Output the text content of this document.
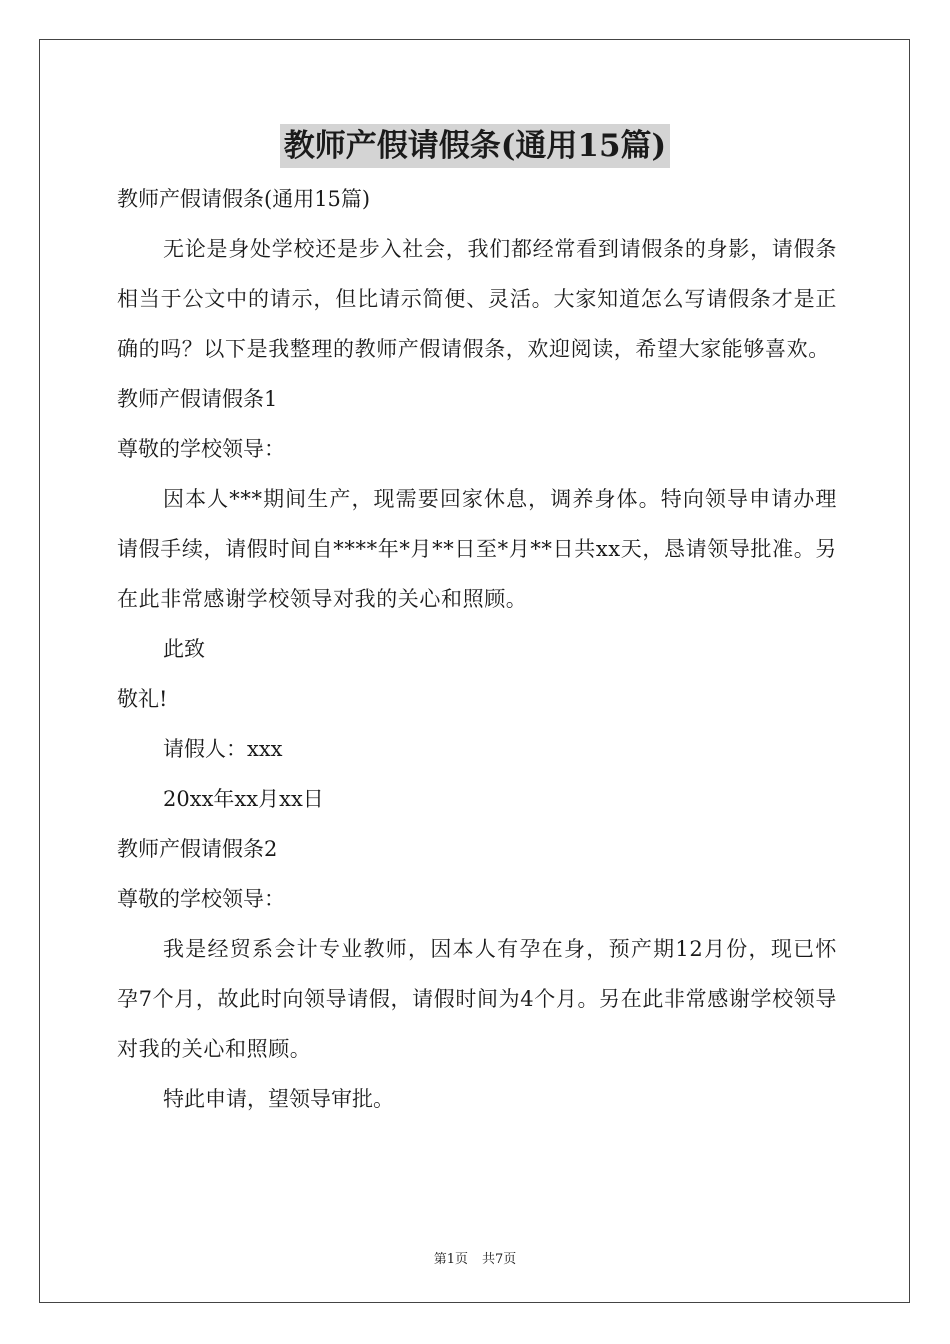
教师产假请假条(通用15篇)
教师产假请假条(通用15篇)
无论是身处学校还是步入社会，我们都经常看到请假条的身影，请假条相当于公文中的请示，但比请示简便、灵活。大家知道怎么写请假条才是正确的吗？以下是我整理的教师产假请假条，欢迎阅读，希望大家能够喜欢。
教师产假请假条1
尊敬的学校领导：
因本人***期间生产，现需要回家休息，调养身体。特向领导申请办理请假手续，请假时间自****年*月**日至*月**日共xx天，恳请领导批准。另在此非常感谢学校领导对我的关心和照顾。
此致
敬礼!
请假人：xxx
20xx年xx月xx日
教师产假请假条2
尊敬的学校领导：
我是经贸系会计专业教师，因本人有孕在身，预产期12月份，现已怀孕7个月，故此时向领导请假，请假时间为4个月。另在此非常感谢学校领导对我的关心和照顾。
特此申请，望领导审批。
第1页 共7页
